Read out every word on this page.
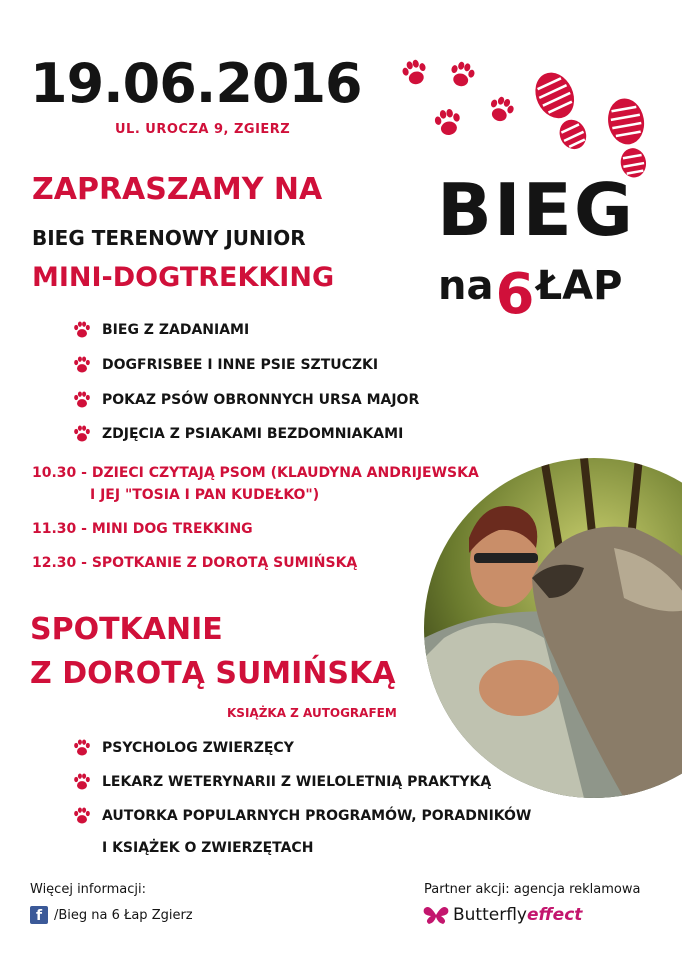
19.06.2016
UL. UROCZA 9, ZGIERZ
BIEG
na6ŁAP
ZAPRASZAMY NA
BIEG TERENOWY JUNIOR
MINI-DOGTREKKING
BIEG Z ZADANIAMI
DOGFRISBEE I INNE PSIE SZTUCZKI
POKAZ PSÓW OBRONNYCH URSA MAJOR
ZDJĘCIA Z PSIAKAMI BEZDOMNIAKAMI
10.30 - DZIECI CZYTAJĄ PSOM (KLAUDYNA ANDRIJEWSKA
I JEJ "TOSIA I PAN KUDEŁKO")
11.30 - MINI DOG TREKKING
12.30 - SPOTKANIE Z DOROTĄ SUMIŃSKĄ
SPOTKANIE
Z DOROTĄ SUMIŃSKĄ
KSIĄŻKA Z AUTOGRAFEM
PSYCHOLOG ZWIERZĘCY
LEKARZ WETERYNARII Z WIELOLETNIĄ PRAKTYKĄ
AUTORKA POPULARNYCH PROGRAMÓW, PORADNIKÓW
I KSIĄŻEK O ZWIERZĘTACH
Więcej informacji:
f /Bieg na 6 Łap Zgierz
Partner akcji: agencja reklamowa
Butterfly effect
